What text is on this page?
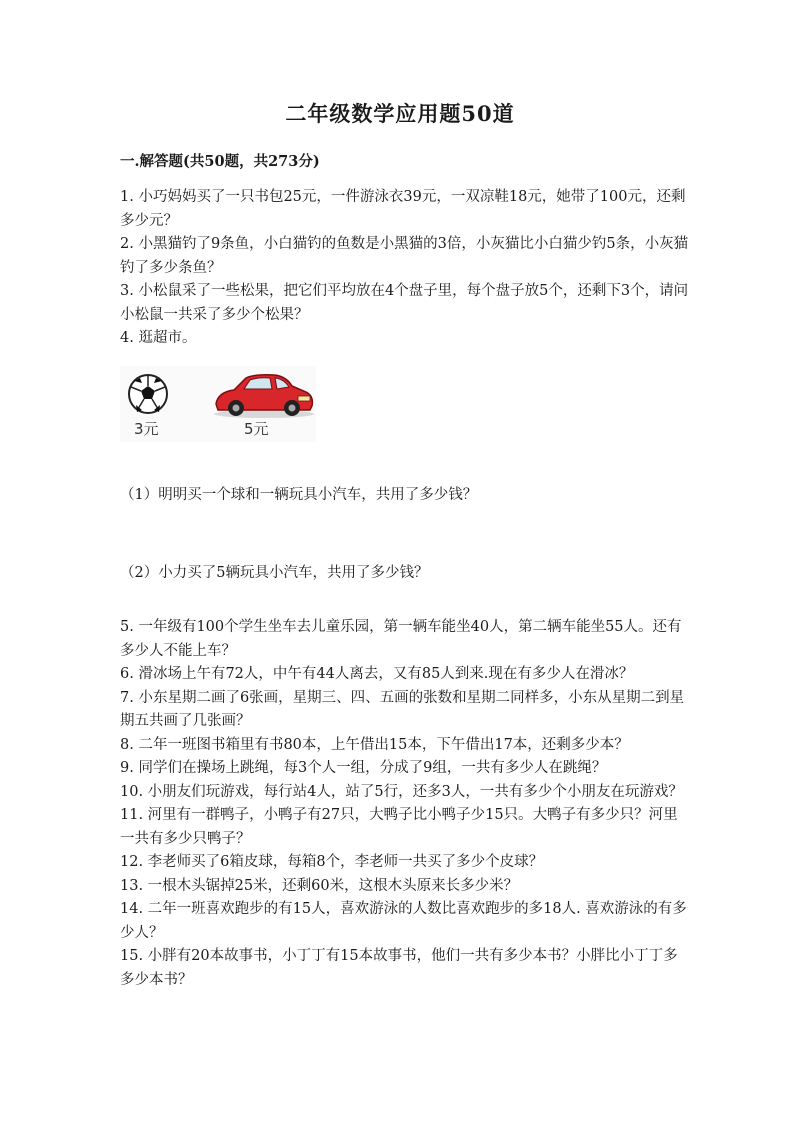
二年级数学应用题50道
一.解答题(共50题，共273分)

1. 小巧妈妈买了一只书包25元，一件游泳衣39元，一双凉鞋18元，她带了100元，还剩多少元？

2. 小黑猫钓了9条鱼，小白猫钓的鱼数是小黑猫的3倍，小灰猫比小白猫少钓5条，小灰猫钓了多少条鱼？

3. 小松鼠采了一些松果，把它们平均放在4个盘子里，每个盘子放5个，还剩下3个，请问小松鼠一共采了多少个松果？

4. 逛超市。

3元	5元
（1）明明买一个球和一辆玩具小汽车，共用了多少钱？
（2）小力买了5辆玩具小汽车，共用了多少钱？

5. 一年级有100个学生坐车去儿童乐园，第一辆车能坐40人，第二辆车能坐55人。还有多少人不能上车？

6. 滑冰场上午有72人，中午有44人离去，又有85人到来.现在有多少人在滑冰？

7. 小东星期二画了6张画，星期三、四、五画的张数和星期二同样多，小东从星期二到星期五共画了几张画？

8. 二年一班图书箱里有书80本，上午借出15本，下午借出17本，还剩多少本？

9. 同学们在操场上跳绳，每3个人一组，分成了9组，一共有多少人在跳绳？

10. 小朋友们玩游戏，每行站4人，站了5行，还多3人，一共有多少个小朋友在玩游戏？

11. 河里有一群鸭子，小鸭子有27只，大鸭子比小鸭子少15只。大鸭子有多少只？河里一共有多少只鸭子？

12. 李老师买了6箱皮球，每箱8个，李老师一共买了多少个皮球？

13. 一根木头锯掉25米，还剩60米，这根木头原来长多少米？

14. 二年一班喜欢跑步的有15人，喜欢游泳的人数比喜欢跑步的多18人. 喜欢游泳的有多少人？

15. 小胖有20本故事书，小丁丁有15本故事书，他们一共有多少本书？小胖比小丁丁多多少本书？
